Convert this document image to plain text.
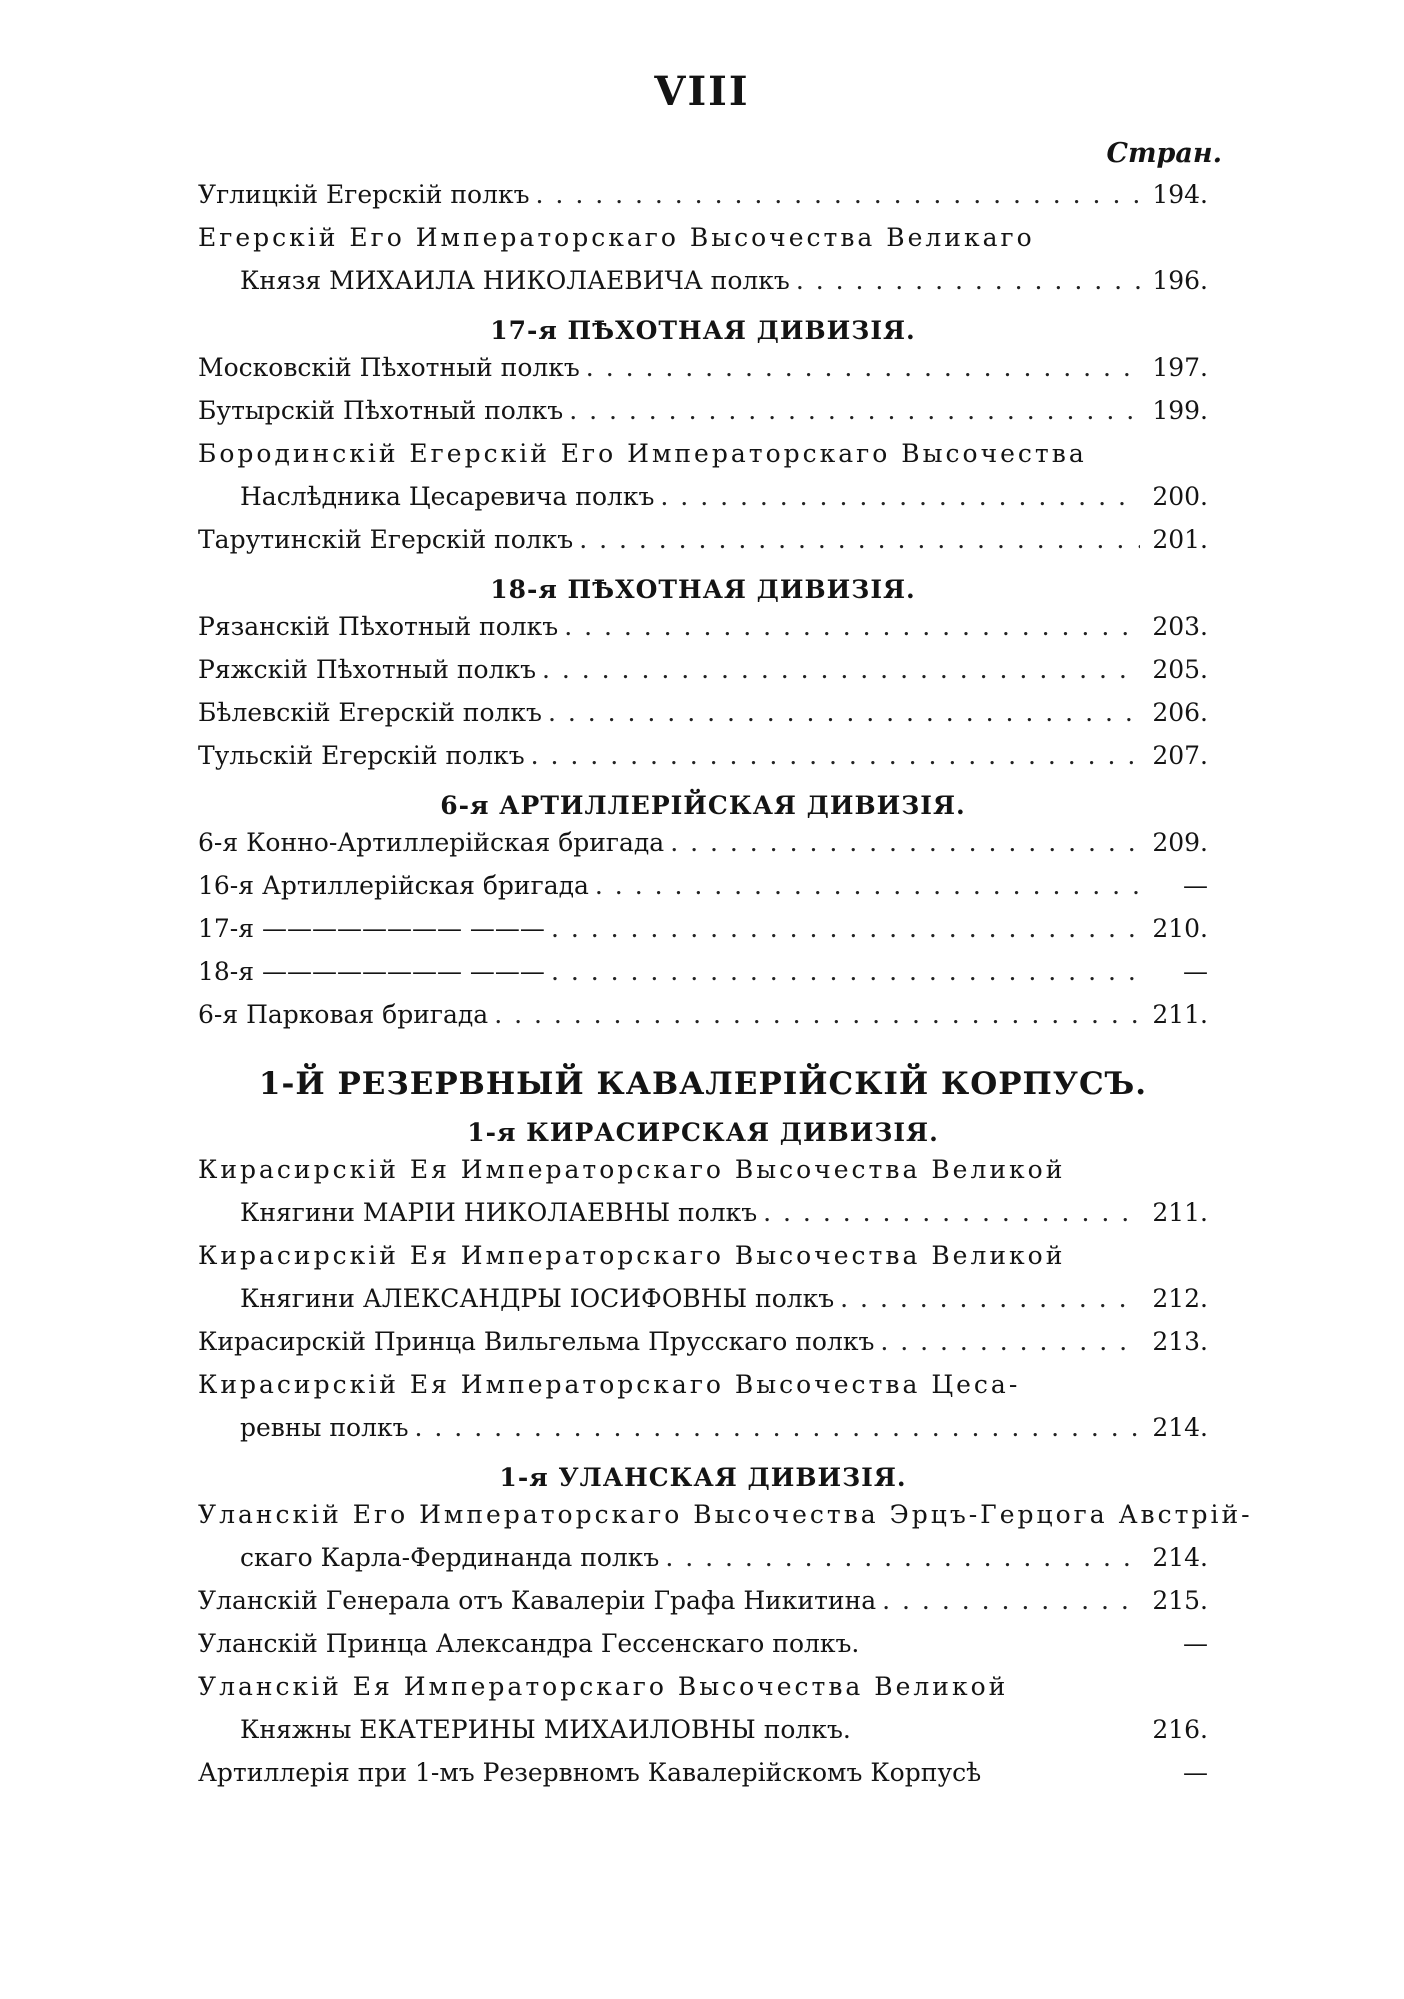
VIII
Стран.
Углицкій Егерскій полкъ . . .	194.
Егерскій Его Императорскаго Высочества Великаго
Князя МИХАИЛА НИКОЛАЕВИЧА полкъ . . .	196.
17-я ПѢХОТНАЯ ДИВИЗІЯ.
Московскій Пѣхотный полкъ . . .	197.
Бутырскій Пѣхотный полкъ . . .	199.
Бородинскій Егерскій Его Императорскаго Высочества
Наслѣдника Цесаревича полкъ . . .	200.
Тарутинскій Егерскій полкъ . . .	201.
18-я ПѢХОТНАЯ ДИВИЗІЯ.
Рязанскій Пѣхотный полкъ . . .	203.
Ряжскій Пѣхотный полкъ . . .	205.
Бѣлевскій Егерскій полкъ . . .	206.
Тульскій Егерскій полкъ . . .	207.
6-я АРТИЛЛЕРІЙСКАЯ ДИВИЗІЯ.
6-я Конно-Артиллерійская бригада . . .	209.
16-я Артиллерійская бригада . . .	—
17-я ———————— ——— . . .	210.
18-я ———————— ——— . . .	—
6-я Парковая бригада . . .	211.
1-Й РЕЗЕРВНЫЙ КАВАЛЕРІЙСКІЙ КОРПУСЪ.
1-я КИРАСИРСКАЯ ДИВИЗІЯ.
Кирасирскій Ея Императорскаго Высочества Великой
Княгини МАРІИ НИКОЛАЕВНЫ полкъ . . .	211.
Кирасирскій Ея Императорскаго Высочества Великой
Княгини АЛЕКСАНДРЫ ІОСИФОВНЫ полкъ . . .	212.
Кирасирскій Принца Вильгельма Прусскаго полкъ . . .	213.
Кирасирскій Ея Императорскаго Высочества Цеса-
ревны полкъ . . .	214.
1-я УЛАНСКАЯ ДИВИЗІЯ.
Уланскій Его Императорскаго Высочества Эрцъ-Герцога Австрій-
скаго Карла-Фердинанда полкъ . . .	214.
Уланскій Генерала отъ Кавалеріи Графа Никитина . . .	215.
Уланскій Принца Александра Гессенскаго полкъ.	—
Уланскій Ея Императорскаго Высочества Великой
Княжны ЕКАТЕРИНЫ МИХАИЛОВНЫ полкъ.	216.
Артиллерія при 1-мъ Резервномъ Кавалерійскомъ Корпусѣ	—
